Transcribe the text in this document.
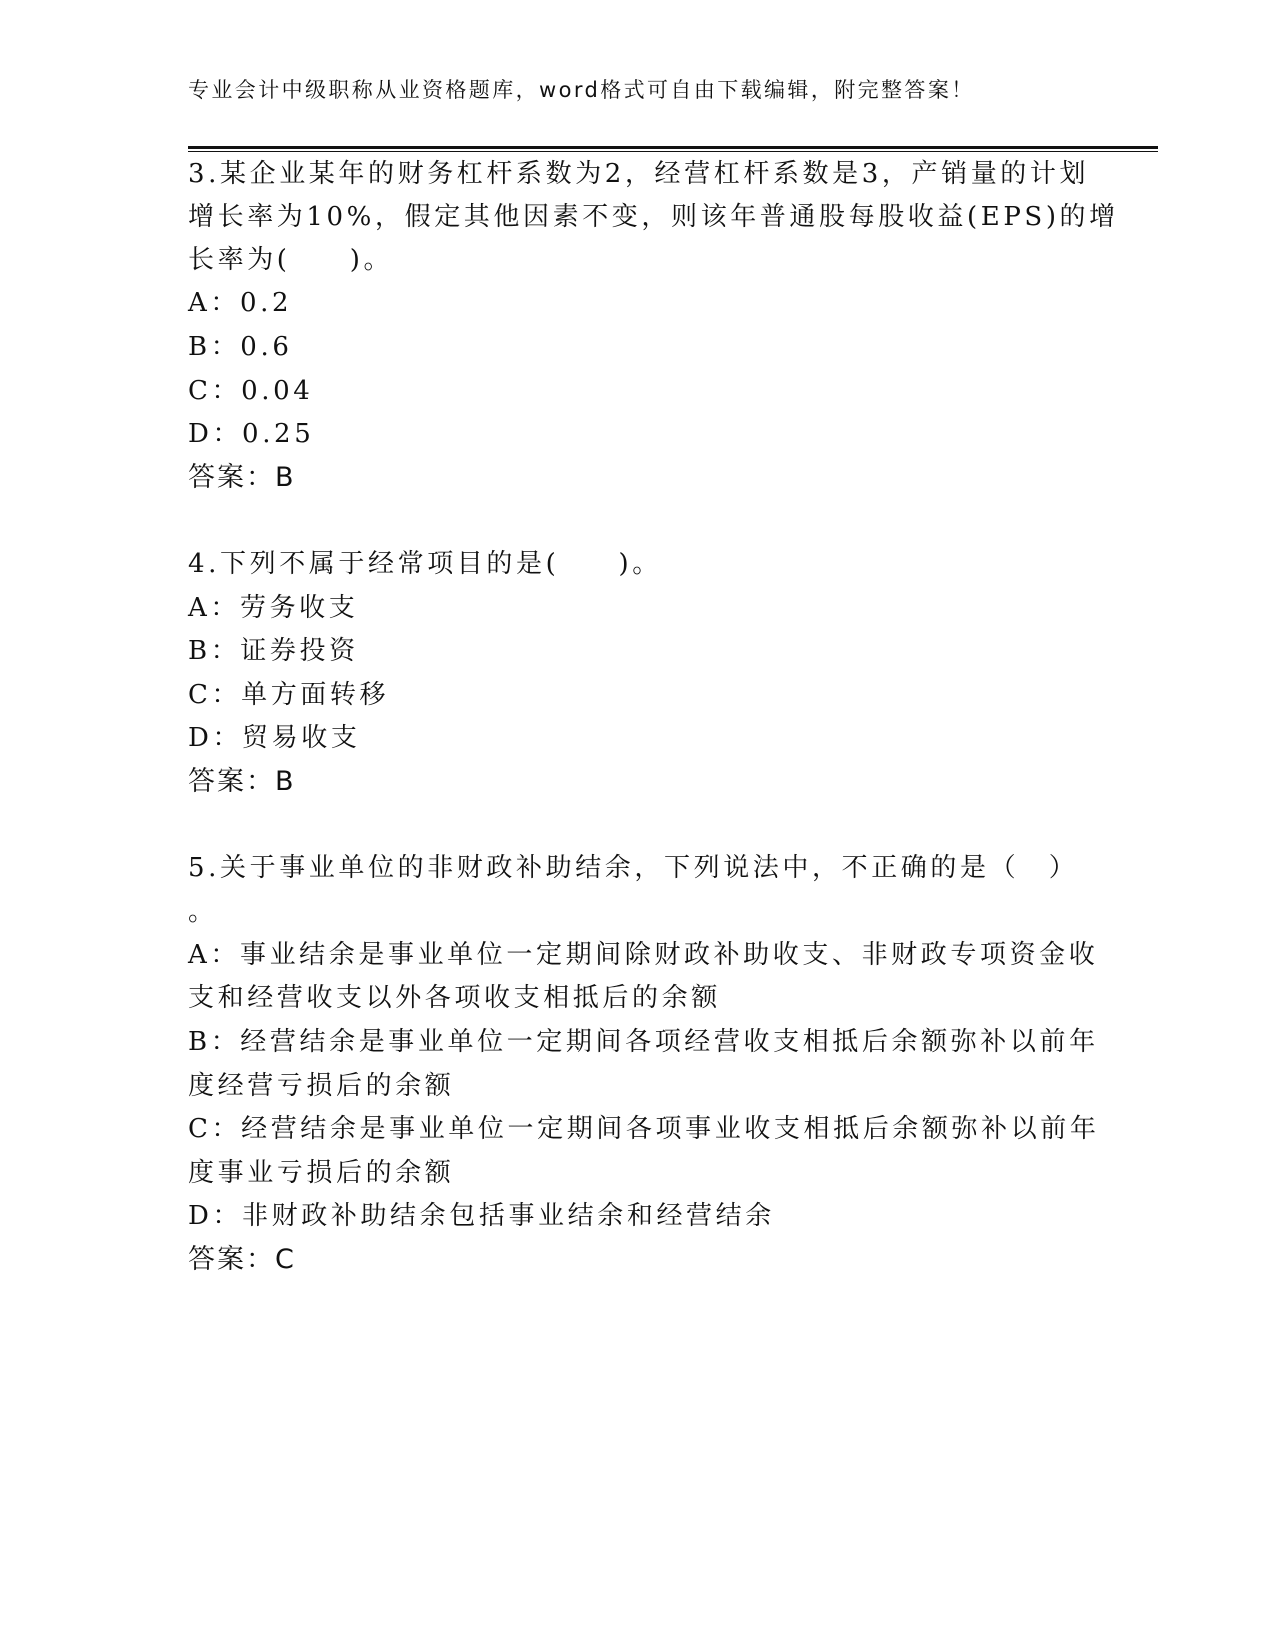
专业会计中级职称从业资格题库，word格式可自由下载编辑，附完整答案！
3.某企业某年的财务杠杆系数为2，经营杠杆系数是3，产销量的计划
增长率为10%，假定其他因素不变，则该年普通股每股收益(EPS)的增
长率为(　　)。
A：0.2
B：0.6
C：0.04
D：0.25
答案：B
4.下列不属于经常项目的是(　　)。
A：劳务收支
B：证券投资
C：单方面转移
D：贸易收支
答案：B
5.关于事业单位的非财政补助结余，下列说法中，不正确的是（　）
。
A：事业结余是事业单位一定期间除财政补助收支、非财政专项资金收
支和经营收支以外各项收支相抵后的余额
B：经营结余是事业单位一定期间各项经营收支相抵后余额弥补以前年
度经营亏损后的余额
C：经营结余是事业单位一定期间各项事业收支相抵后余额弥补以前年
度事业亏损后的余额
D：非财政补助结余包括事业结余和经营结余
答案：C
